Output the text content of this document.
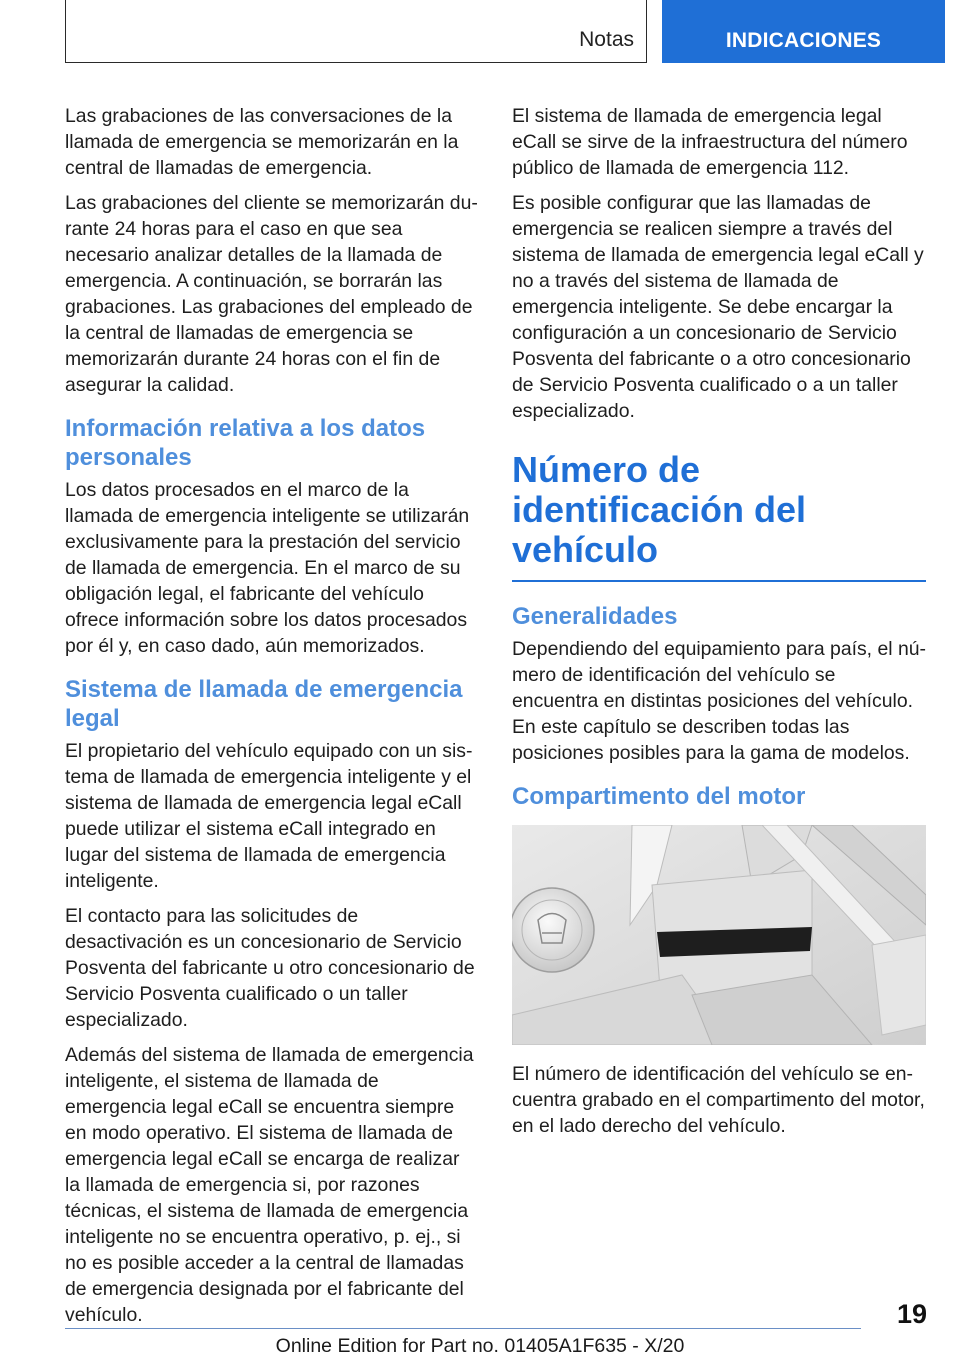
Notas	INDICACIONES

Las grabaciones de las conversaciones de la llamada de emergencia se memorizarán en la central de llamadas de emergencia.

Las grabaciones del cliente se memorizarán durante 24 horas para el caso en que sea necesario analizar detalles de la llamada de emergencia. A continuación, se borrarán las grabaciones. Las grabaciones del empleado de la central de llamadas de emergencia se memorizarán durante 24 horas con el fin de asegurar la calidad.

Información relativa a los datos personales

Los datos procesados en el marco de la llamada de emergencia inteligente se utilizarán exclusivamente para la prestación del servicio de llamada de emergencia. En el marco de su obligación legal, el fabricante del vehículo ofrece información sobre los datos procesados por él y, en caso dado, aún memorizados.

Sistema de llamada de emergencia legal

El propietario del vehículo equipado con un sistema de llamada de emergencia inteligente y el sistema de llamada de emergencia legal eCall puede utilizar el sistema eCall integrado en lugar del sistema de llamada de emergencia inteligente.

El contacto para las solicitudes de desactivación es un concesionario de Servicio Posventa del fabricante u otro concesionario de Servicio Posventa cualificado o un taller especializado.

Además del sistema de llamada de emergencia inteligente, el sistema de llamada de emergencia legal eCall se encuentra siempre en modo operativo. El sistema de llamada de emergencia legal eCall se encarga de realizar la llamada de emergencia si, por razones técnicas, el sistema de llamada de emergencia inteligente no se encuentra operativo, p. ej., si no es posible acceder a la central de llamadas de emergencia designada por el fabricante del vehículo.

El sistema de llamada de emergencia legal eCall se sirve de la infraestructura del número público de llamada de emergencia 112.

Es posible configurar que las llamadas de emergencia se realicen siempre a través del sistema de llamada de emergencia legal eCall y no a través del sistema de llamada de emergencia inteligente. Se debe encargar la configuración a un concesionario de Servicio Posventa del fabricante o a otro concesionario de Servicio Posventa cualificado o a un taller especializado.

Número de identificación del vehículo
Generalidades

Dependiendo del equipamiento para país, el número de identificación del vehículo se encuentra en distintas posiciones del vehículo. En este capítulo se describen todas las posiciones posibles para la gama de modelos.

Compartimento del motor

El número de identificación del vehículo se encuentra grabado en el compartimento del motor, en el lado derecho del vehículo.

19
Online Edition for Part no. 01405A1F635 - X/20
